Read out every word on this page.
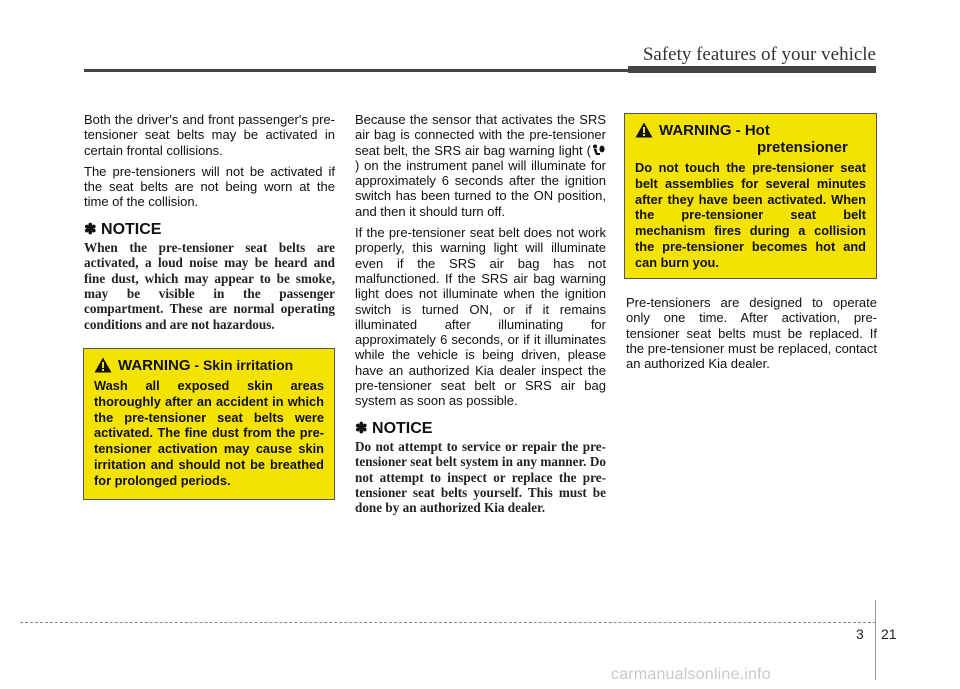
Safety features of your vehicle

Both the driver's and front passenger's pre-tensioner seat belts may be activated in certain frontal collisions.

The pre-tensioners will not be activated if the seat belts are not being worn at the time of the collision.

✽ NOTICE
When the pre-tensioner seat belts are activated, a loud noise may be heard and fine dust, which may appear to be smoke, may be visible in the passenger compartment. These are normal operating conditions and are not hazardous.
WARNING - Skin irritation
Wash all exposed skin areas thoroughly after an accident in which the pre-tensioner seat belts were activated. The fine dust from the pre-tensioner activation may cause skin irritation and should not be breathed for prolonged periods.

Because the sensor that activates the SRS air bag is connected with the pre-tensioner seat belt, the SRS air bag warning light () on the instrument panel will illuminate for approximately 6 seconds after the ignition switch has been turned to the ON position, and then it should turn off.

If the pre-tensioner seat belt does not work properly, this warning light will illuminate even if the SRS air bag has not malfunctioned. If the SRS air bag warning light does not illuminate when the ignition switch is turned ON, or if it remains illuminated after illuminating for approximately 6 seconds, or if it illuminates while the vehicle is being driven, please have an authorized Kia dealer inspect the pre-tensioner seat belt or SRS air bag system as soon as possible.

✽ NOTICE
Do not attempt to service or repair the pre-tensioner seat belt system in any manner. Do not attempt to inspect or replace the pre-tensioner seat belts yourself. This must be done by an authorized Kia dealer.
WARNING - Hot
pretensioner
Do not touch the pre-tensioner seat belt assemblies for several minutes after they have been activated. When the pre-tensioner seat belt mechanism fires during a collision the pre-tensioner becomes hot and can burn you.

Pre-tensioners are designed to operate only one time. After activation, pre-tensioner seat belts must be replaced. If the pre-tensioner must be replaced, contact an authorized Kia dealer.

3 21
carmanualsonline.info
